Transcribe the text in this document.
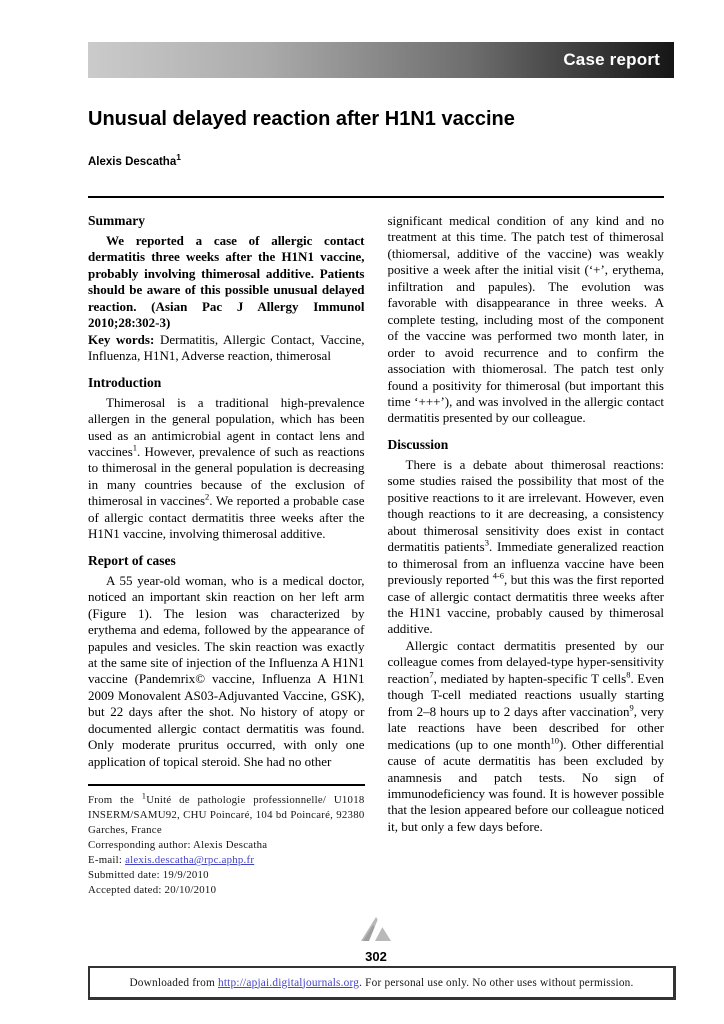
Case report
Unusual delayed reaction after H1N1 vaccine
Alexis Descatha$^1$
Summary

We reported a case of allergic contact dermatitis three weeks after the H1N1 vaccine, probably involving thimerosal additive. Patients should be aware of this possible unusual delayed reaction. (Asian Pac J Allergy Immunol 2010;28:302-3)

Key words: Dermatitis, Allergic Contact, Vaccine, Influenza, H1N1, Adverse reaction, thimerosal

Introduction

Thimerosal is a traditional high-prevalence allergen in the general population, which has been used as an antimicrobial agent in contact lens and vaccines$^1$. However, prevalence of such as reactions to thimerosal in the general population is decreasing in many countries because of the exclusion of thimerosal in vaccines$^2$. We reported a probable case of allergic contact dermatitis three weeks after the H1N1 vaccine, involving thimerosal additive.

Report of cases

A 55 year-old woman, who is a medical doctor, noticed an important skin reaction on her left arm (Figure 1). The lesion was characterized by erythema and edema, followed by the appearance of papules and vesicles. The skin reaction was exactly at the same site of injection of the Influenza A H1N1 vaccine (Pandemrix© vaccine, Influenza A H1N1 2009 Monovalent AS03-Adjuvanted Vaccine, GSK), but 22 days after the shot. No history of atopy or documented allergic contact dermatitis was found. Only moderate pruritus occurred, with only one application of topical steroid. She had no other

From the $^1$Unité de pathologie professionnelle/ U1018 INSERM/SAMU92, CHU Poincaré, 104 bd Poincaré, 92380 Garches, France
Corresponding author: Alexis Descatha
E-mail: alexis.descatha@rpc.aphp.fr
Submitted date: 19/9/2010
Accepted dated: 20/10/2010

significant medical condition of any kind and no treatment at this time. The patch test of thimerosal (thiomersal, additive of the vaccine) was weakly positive a week after the initial visit (‘+’, erythema, infiltration and papules). The evolution was favorable with disappearance in three weeks. A complete testing, including most of the component of the vaccine was performed two month later, in order to avoid recurrence and to confirm the association with thiomerosal. The patch test only found a positivity for thimerosal (but important this time ‘+++’), and was involved in the allergic contact dermatitis presented by our colleague.

Discussion

There is a debate about thimerosal reactions: some studies raised the possibility that most of the positive reactions to it are irrelevant. However, even though reactions to it are decreasing, a consistency about thimerosal sensitivity does exist in contact dermatitis patients$^3$. Immediate generalized reaction to thimerosal from an influenza vaccine have been previously reported $^{4-6}$, but this was the first reported case of allergic contact dermatitis three weeks after the H1N1 vaccine, probably caused by thimerosal additive.

Allergic contact dermatitis presented by our colleague comes from delayed-type hyper-sensitivity reaction$^7$, mediated by hapten-specific T cells$^8$. Even though T-cell mediated reactions usually starting from 2–8 hours up to 2 days after vaccination$^9$, very late reactions have been described for other medications (up to one month$^{10}$). Other differential cause of acute dermatitis has been excluded by anamnesis and patch tests. No sign of immunodeficiency was found. It is however possible that the lesion appeared before our colleague noticed it, but only a few days before.

302
Downloaded from http://apjai.digitaljournals.org. For personal use only. No other uses without permission.
